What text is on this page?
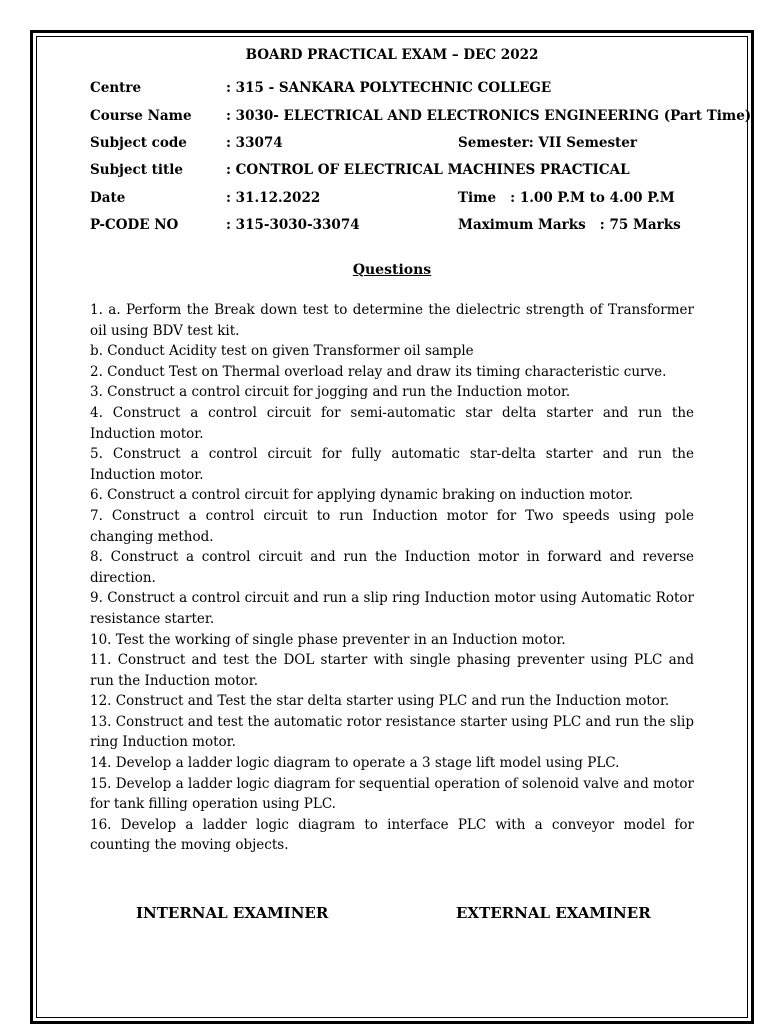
BOARD PRACTICAL EXAM – DEC 2022
Centre	: 315 - SANKARA POLYTECHNIC COLLEGE
Course Name	: 3030- ELECTRICAL AND ELECTRONICS ENGINEERING (Part Time)
Subject code	: 33074	Semester: VII Semester
Subject title	: CONTROL OF ELECTRICAL MACHINES PRACTICAL
Date	: 31.12.2022	Time   : 1.00 P.M to 4.00 P.M
P-CODE NO	: 315-3030-33074	Maximum Marks   : 75 Marks
Questions
1. a. Perform the Break down test to determine the dielectric strength of Transformer oil using BDV test kit.
b. Conduct Acidity test on given Transformer oil sample
2. Conduct Test on Thermal overload relay and draw its timing characteristic curve.
3. Construct a control circuit for jogging and run the Induction motor.
4. Construct a control circuit for semi-automatic star delta starter and run the Induction motor.
5. Construct a control circuit for fully automatic star-delta starter and run the Induction motor.
6. Construct a control circuit for applying dynamic braking on induction motor.
7. Construct a control circuit to run Induction motor for Two speeds using pole changing method.
8. Construct a control circuit and run the Induction motor in forward and reverse direction.
9. Construct a control circuit and run a slip ring Induction motor using Automatic Rotor resistance starter.
10. Test the working of single phase preventer in an Induction motor.
11. Construct and test the DOL starter with single phasing preventer using PLC and run the Induction motor.
12. Construct and Test the star delta starter using PLC and run the Induction motor.
13. Construct and test the automatic rotor resistance starter using PLC and run the slip ring Induction motor.
14. Develop a ladder logic diagram to operate a 3 stage lift model using PLC.
15. Develop a ladder logic diagram for sequential operation of solenoid valve and motor for tank filling operation using PLC.
16. Develop a ladder logic diagram to interface PLC with a conveyor model for counting the moving objects.
INTERNAL EXAMINER	EXTERNAL EXAMINER
